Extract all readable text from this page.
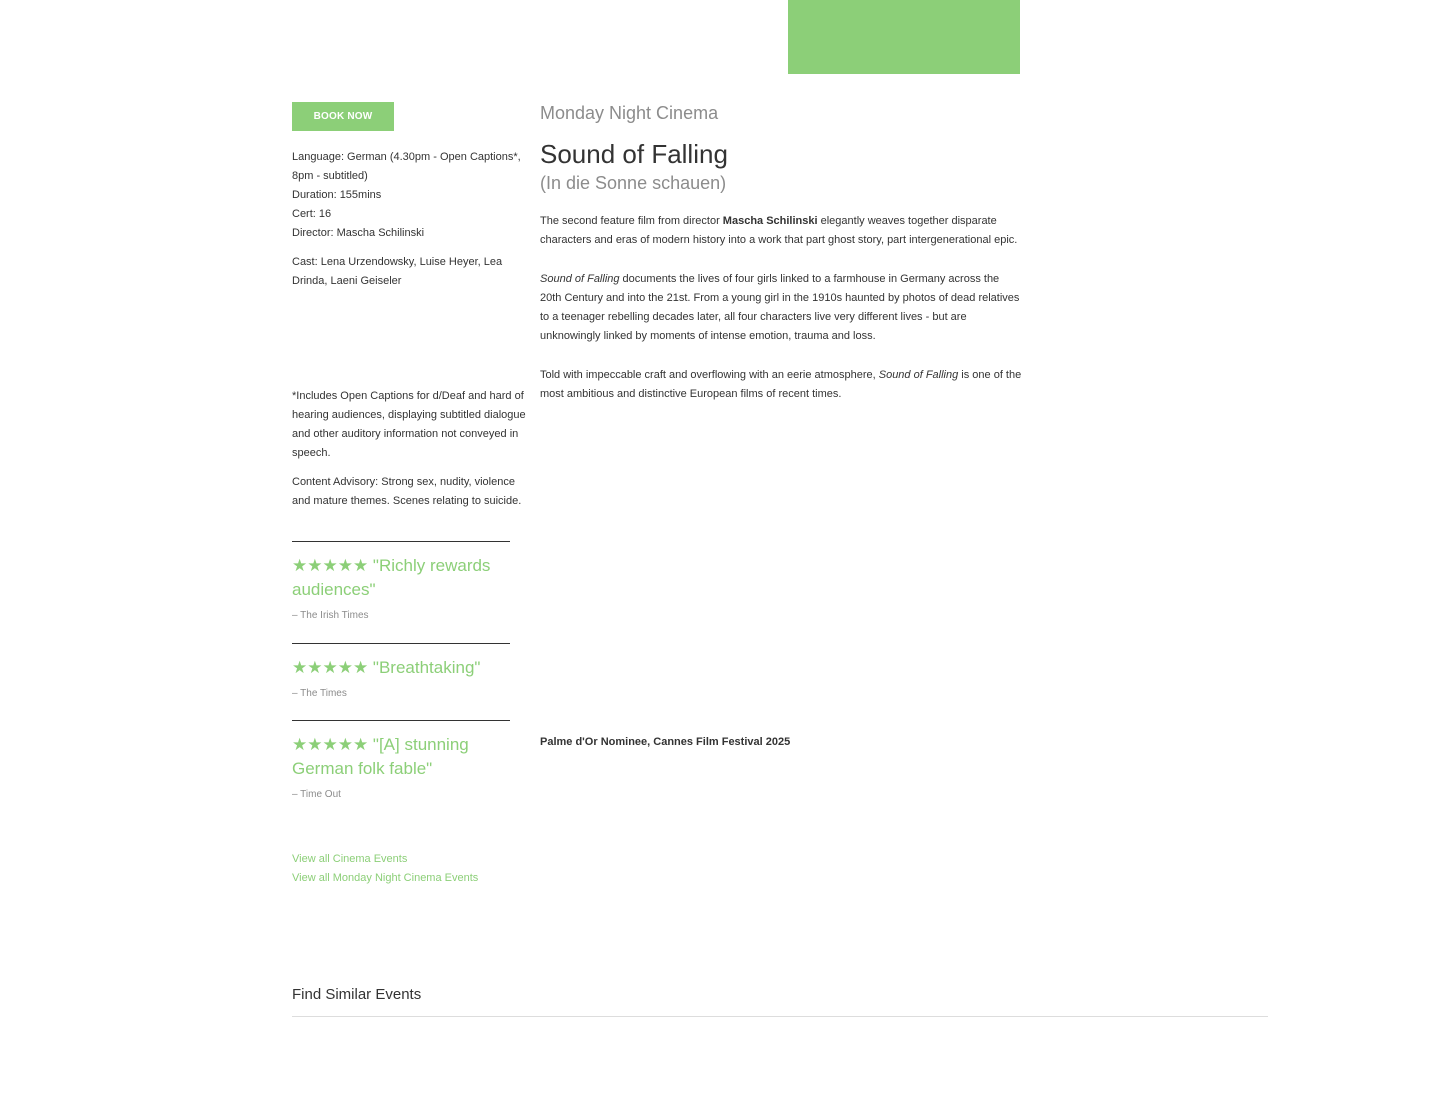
BOOK NOW

Language: German (4.30pm - Open Captions*, 8pm - subtitled)

Duration: 155mins

Cert: 16

Director: Mascha Schilinski

Cast: Lena Urzendowsky, Luise Heyer, Lea Drinda, Laeni Geiseler

*Includes Open Captions for d/Deaf and hard of hearing audiences, displaying subtitled dialogue and other auditory information not conveyed in speech.

Content Advisory: Strong sex, nudity, violence and mature themes. Scenes relating to suicide.

★★★★★ "Richly rewards audiences"
– The Irish Times
★★★★★ "Breathtaking"
– The Times
★★★★★ "[A] stunning German folk fable"
– Time Out
View all Cinema Events
View all Monday Night Cinema Events

Monday Night Cinema

Sound of Falling

(In die Sonne schauen)

The second feature film from director Mascha Schilinski elegantly weaves together disparate characters and eras of modern history into a work that part ghost story, part intergenerational epic.

Sound of Falling documents the lives of four girls linked to a farmhouse in Germany across the 20th Century and into the 21st. From a young girl in the 1910s haunted by photos of dead relatives to a teenager rebelling decades later, all four characters live very different lives - but are unknowingly linked by moments of intense emotion, trauma and loss.

Told with impeccable craft and overflowing with an eerie atmosphere, Sound of Falling is one of the most ambitious and distinctive European films of recent times.

Palme d'Or Nominee, Cannes Film Festival 2025
Find Similar Events
